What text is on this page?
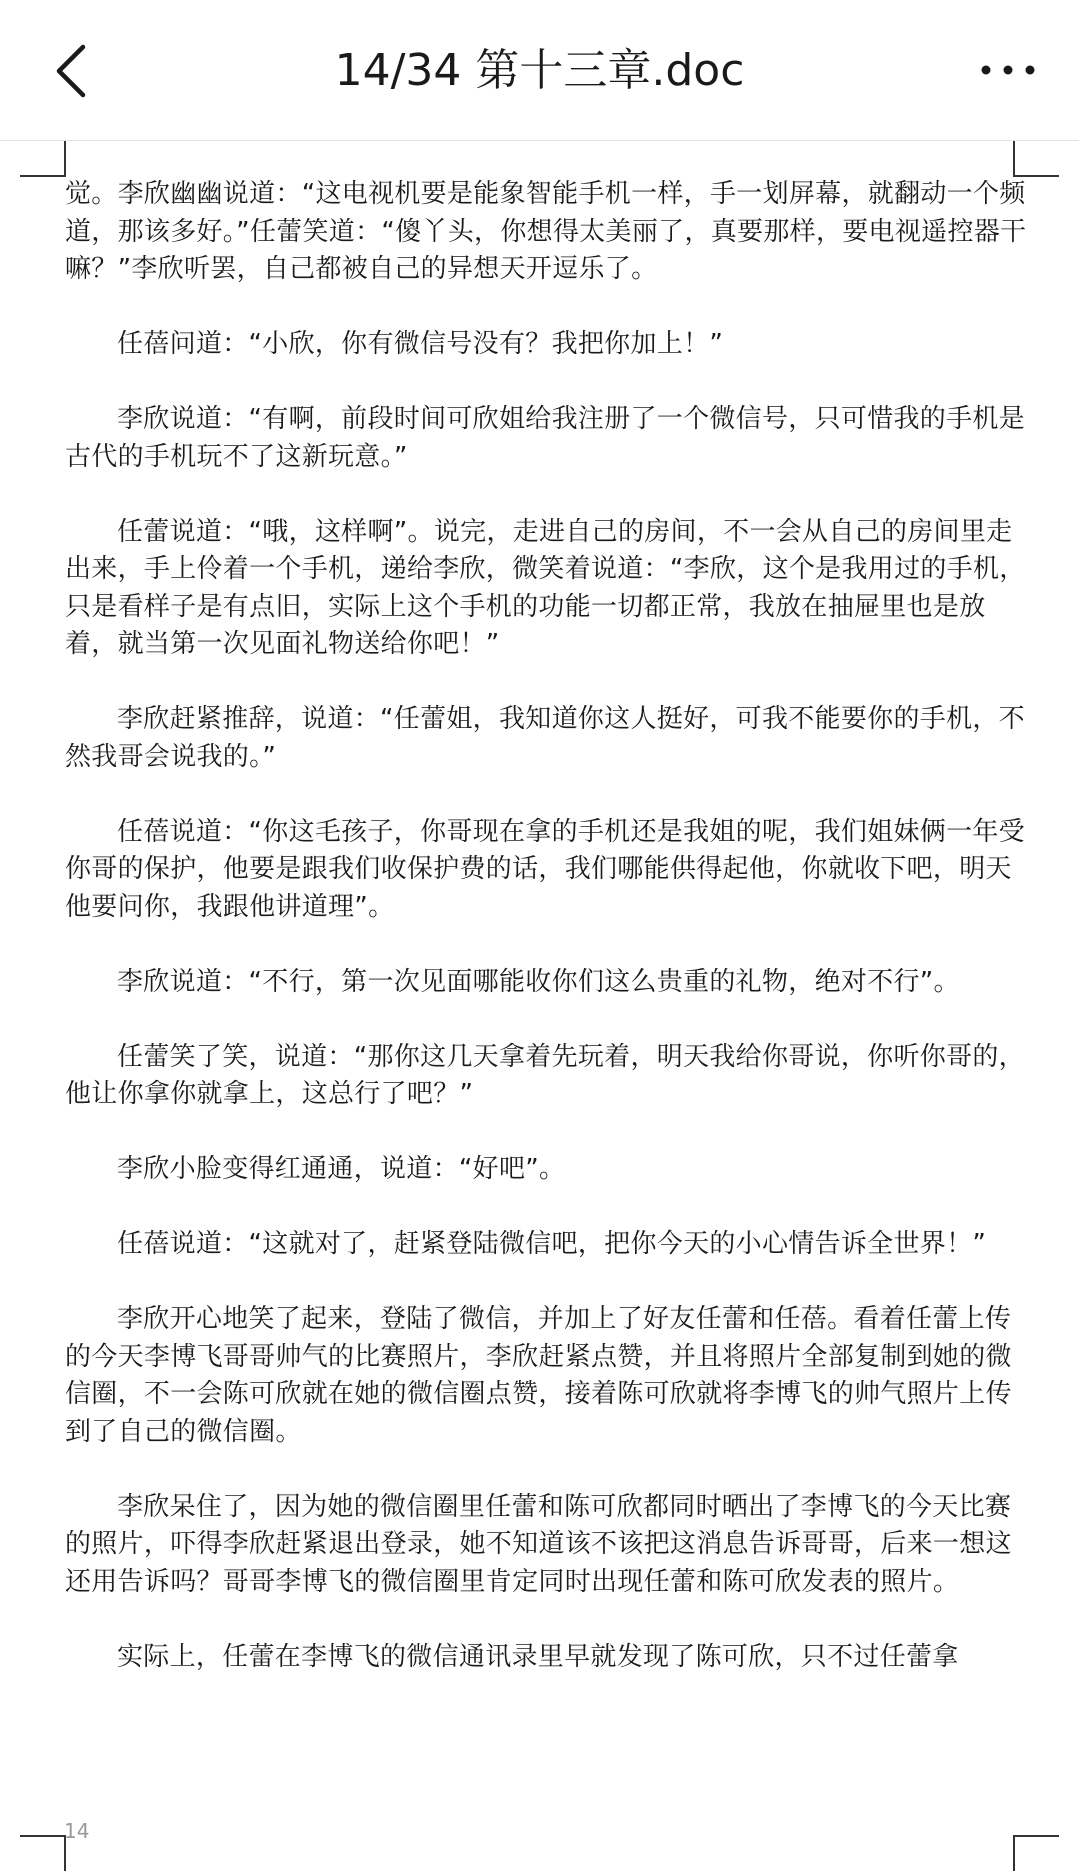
14/34 第十三章.doc

觉。李欣幽幽说道：“这电视机要是能象智能手机一样，手一划屏幕，就翻动一个频道，那该多好。”任蕾笑道：“傻丫头，你想得太美丽了，真要那样，要电视遥控器干嘛？”李欣听罢，自己都被自己的异想天开逗乐了。

任蓓问道：“小欣，你有微信号没有？我把你加上！”

李欣说道：“有啊，前段时间可欣姐给我注册了一个微信号，只可惜我的手机是古代的手机玩不了这新玩意。”

任蕾说道：“哦，这样啊”。说完，走进自己的房间，不一会从自己的房间里走出来，手上伶着一个手机，递给李欣，微笑着说道：“李欣，这个是我用过的手机，只是看样子是有点旧，实际上这个手机的功能一切都正常，我放在抽屉里也是放着，就当第一次见面礼物送给你吧！”

李欣赶紧推辞，说道：“任蕾姐，我知道你这人挺好，可我不能要你的手机，不然我哥会说我的。”

任蓓说道：“你这毛孩子，你哥现在拿的手机还是我姐的呢，我们姐妹俩一年受你哥的保护，他要是跟我们收保护费的话，我们哪能供得起他，你就收下吧，明天他要问你，我跟他讲道理”。

李欣说道：“不行，第一次见面哪能收你们这么贵重的礼物，绝对不行”。

任蕾笑了笑，说道：“那你这几天拿着先玩着，明天我给你哥说，你听你哥的，他让你拿你就拿上，这总行了吧？”

李欣小脸变得红通通，说道：“好吧”。

任蓓说道：“这就对了，赶紧登陆微信吧，把你今天的小心情告诉全世界！”

李欣开心地笑了起来，登陆了微信，并加上了好友任蕾和任蓓。看着任蕾上传的今天李博飞哥哥帅气的比赛照片，李欣赶紧点赞，并且将照片全部复制到她的微信圈，不一会陈可欣就在她的微信圈点赞，接着陈可欣就将李博飞的帅气照片上传到了自己的微信圈。

李欣呆住了，因为她的微信圈里任蕾和陈可欣都同时晒出了李博飞的今天比赛的照片，吓得李欣赶紧退出登录，她不知道该不该把这消息告诉哥哥，后来一想这还用告诉吗？哥哥李博飞的微信圈里肯定同时出现任蕾和陈可欣发表的照片。

实际上，任蕾在李博飞的微信通讯录里早就发现了陈可欣，只不过任蕾拿

14
